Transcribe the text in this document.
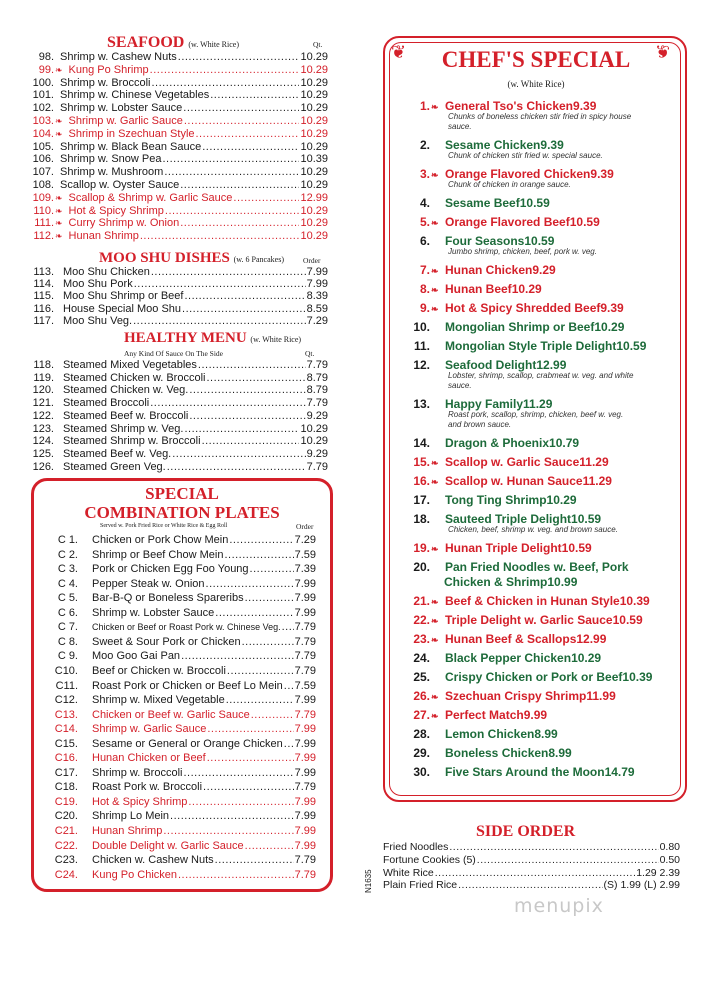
SEAFOOD (w. White Rice)	Qt.
98. Shrimp w. Cashew Nuts .....	10.29
99. ❧ Kung Po Shrimp .....	10.29
100. Shrimp w. Broccoli .....	10.29
101. Shrimp w. Chinese Vegetables .....	10.29
102. Shrimp w. Lobster Sauce .....	10.29
103. ❧ Shrimp w. Garlic Sauce .....	10.29
104. ❧ Shrimp in Szechuan Style .....	10.29
105. Shrimp w. Black Bean Sauce .....	10.29
106. Shrimp w. Snow Pea .....	10.39
107. Shrimp w. Mushroom .....	10.29
108. Scallop w. Oyster Sauce .....	10.29
109. ❧ Scallop & Shrimp w. Garlic Sauce .....	12.99
110. ❧ Hot & Spicy Shrimp .....	10.29
111. ❧ Curry Shrimp w. Onion .....	10.29
112. ❧ Hunan Shrimp .....	10.29
MOO SHU DISHES (w. 6 Pancakes)	Order
113. Moo Shu Chicken .....	7.99
114. Moo Shu Pork .....	7.99
115. Moo Shu Shrimp or Beef .....	8.39
116. House Special Moo Shu .....	8.59
117. Moo Shu Veg. .....	7.29
HEALTHY MENU (w. White Rice)
Any Kind Of Sauce On The Side	Qt.
118. Steamed Mixed Vegetables .....	7.79
119. Steamed Chicken w. Broccoli .....	8.79
120. Steamed Chicken w. Veg. .....	8.79
121. Steamed Broccoli .....	7.79
122. Steamed Beef w. Broccoli .....	9.29
123. Steamed Shrimp w. Veg. .....	10.29
124. Steamed Shrimp w. Broccoli .....	10.29
125. Steamed Beef w. Veg. .....	9.29
126. Steamed Green Veg. .....	7.79
SPECIAL
COMBINATION PLATES
Served w. Pork Fried Rice or White Rice & Egg Roll	Order
C 1. Chicken or Pork Chow Mein .....	7.29
C 2. Shrimp or Beef Chow Mein .....	7.59
C 3. Pork or Chicken Egg Foo Young .....	7.39
C 4. Pepper Steak w. Onion .....	7.99
C 5. Bar-B-Q or Boneless Spareribs .....	7.99
C 6. Shrimp w. Lobster Sauce .....	7.99
C 7. Chicken or Beef or Roast Pork w. Chinese Veg. ..... 7.79
C 8. Sweet & Sour Pork or Chicken .....	7.79
C 9. Moo Goo Gai Pan .....	7.79
C10. Beef or Chicken w. Broccoli .....	7.79
C11. Roast Pork or Chicken or Beef Lo Mein ..... 7.59
C12. Shrimp w. Mixed Vegetable .....	7.99
C13. Chicken or Beef w. Garlic Sauce .....	7.79
C14. Shrimp w. Garlic Sauce .....	7.99
C15. Sesame or General or Orange Chicken ..... 7.99
C16. Hunan Chicken or Beef .....	7.99
C17. Shrimp w. Broccoli .....	7.99
C18. Roast Pork w. Broccoli .....	7.79
C19. Hot & Spicy Shrimp .....	7.99
C20. Shrimp Lo Mein .....	7.99
C21. Hunan Shrimp .....	7.99
C22. Double Delight w. Garlic Sauce .....	7.99
C23. Chicken w. Cashew Nuts .....	7.79
C24. Kung Po Chicken .....	7.79
❦	❦
CHEF'S SPECIAL
(w. White Rice)
1. ❧ General Tso's Chicken 9.39
Chunks of boneless chicken stir fried in spicy house
sauce.
2. Sesame Chicken 9.39
Chunk of chicken stir fried w. special sauce.
3. ❧ Orange Flavored Chicken 9.39
Chunk of chicken in orange sauce.
4. Sesame Beef 10.59
5. ❧ Orange Flavored Beef 10.59
6. Four Seasons 10.59
Jumbo shrimp, chicken, beef, pork w. veg.
7. ❧ Hunan Chicken 9.29
8. ❧ Hunan Beef 10.29
9. ❧ Hot & Spicy Shredded Beef 9.39
10. Mongolian Shrimp or Beef 10.29
11. Mongolian Style Triple Delight 10.59
12. Seafood Delight 12.99
Lobster, shrimp, scallop, crabmeat w. veg. and white
sauce.
13. Happy Family 11.29
Roast pork, scallop, shrimp, chicken, beef w. veg.
and brown sauce.
14. Dragon & Phoenix 10.79
15. ❧ Scallop w. Garlic Sauce 11.29
16. ❧ Scallop w. Hunan Sauce 11.29
17. Tong Ting Shrimp 10.29
18. Sauteed Triple Delight 10.59
Chicken, beef, shrimp w. veg. and brown sauce.
19. ❧ Hunan Triple Delight 10.59
20. Pan Fried Noodles w. Beef, Pork
Chicken & Shrimp 10.99
21. ❧ Beef & Chicken in Hunan Style 10.39
22. ❧ Triple Delight w. Garlic Sauce 10.59
23. ❧ Hunan Beef & Scallops 12.99
24. Black Pepper Chicken 10.29
25. Crispy Chicken or Pork or Beef 10.39
26. ❧ Szechuan Crispy Shrimp 11.99
27. ❧ Perfect Match 9.99
28. Lemon Chicken 8.99
29. Boneless Chicken 8.99
30. Five Stars Around the Moon 14.79
SIDE ORDER
Fried Noodles .....	0.80
Fortune Cookies (5) .....	0.50
White Rice .....	1.29 2.39
Plain Fried Rice .....	(S) 1.99 (L) 2.99
N1635
menupix
